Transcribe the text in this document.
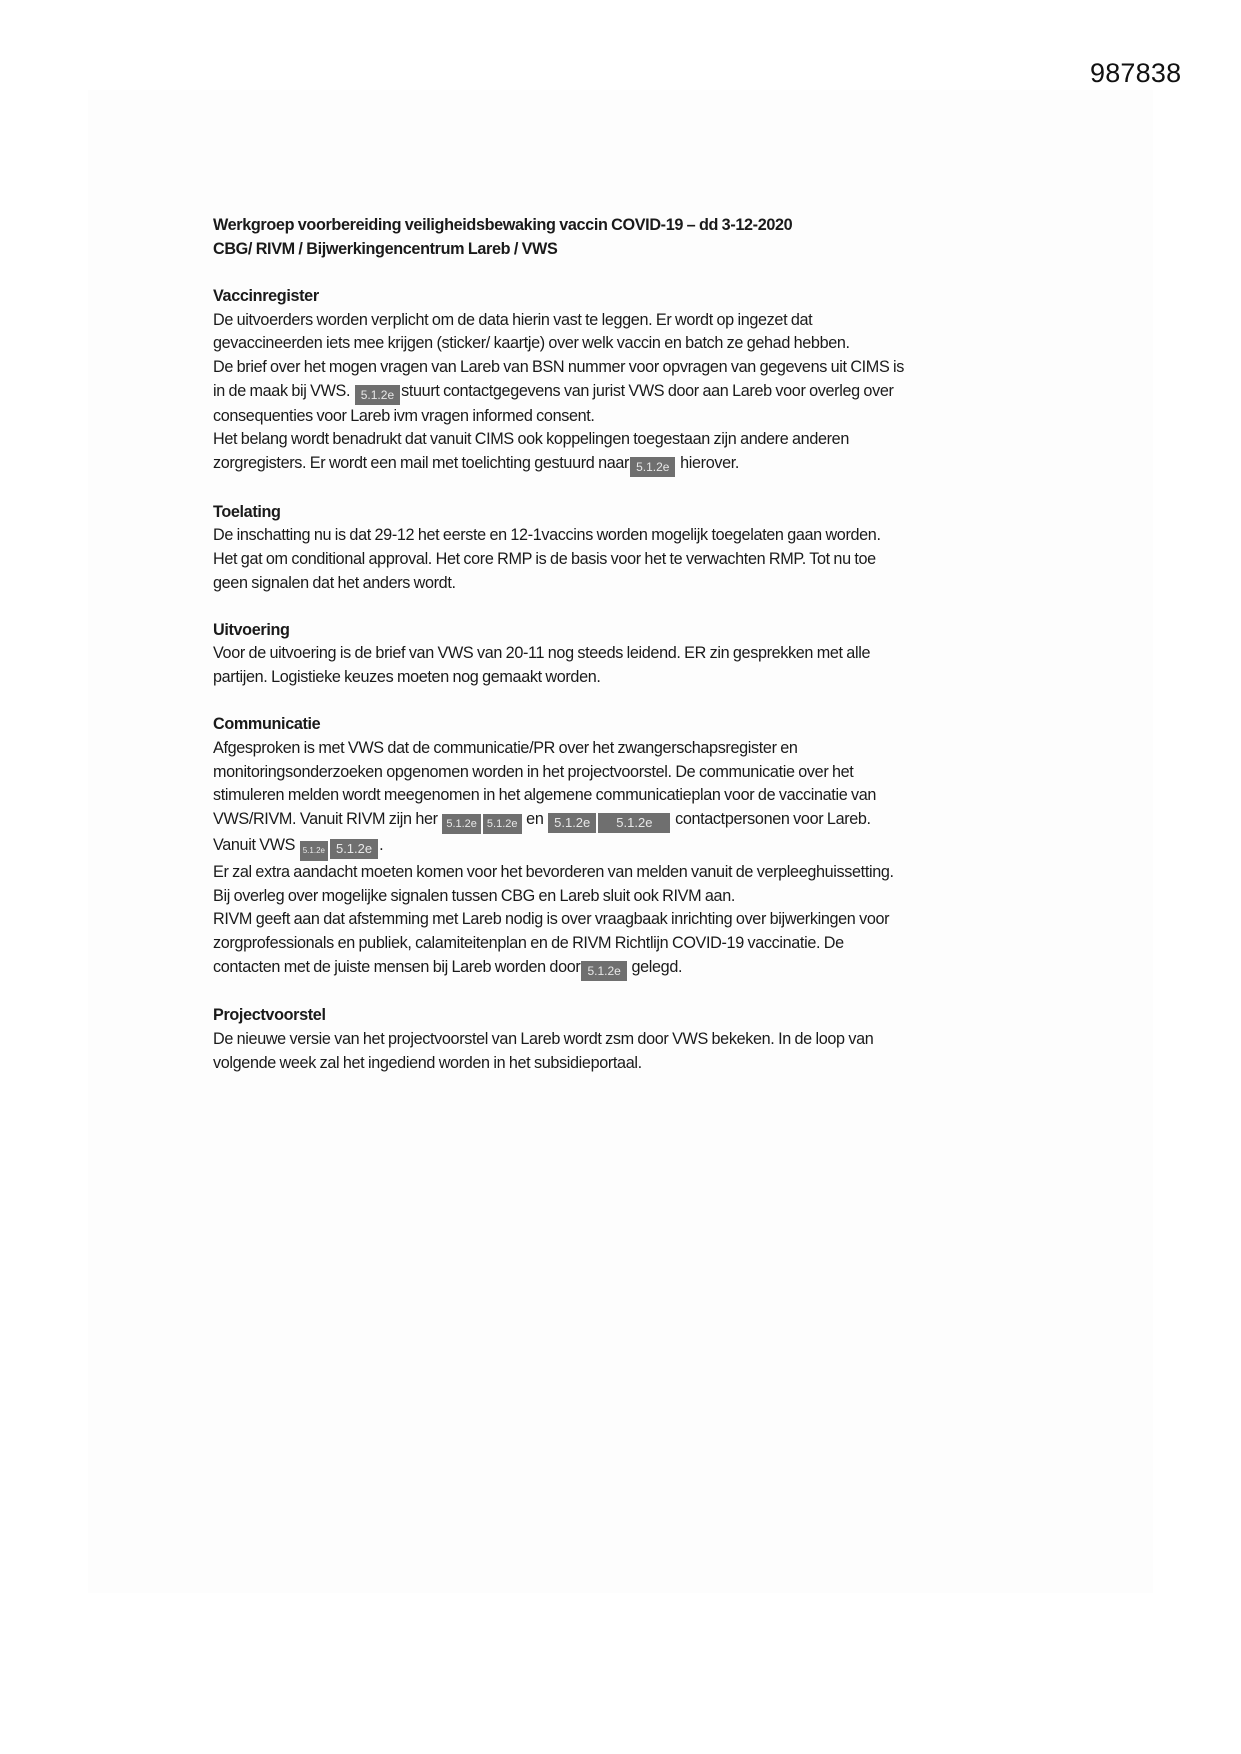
987838

Werkgroep voorbereiding veiligheidsbewaking vaccin COVID-19 – dd 3-12-2020

CBG/ RIVM / Bijwerkingencentrum Lareb / VWS

Vaccinregister

De uitvoerders worden verplicht om de data hierin vast te leggen. Er wordt op ingezet dat

gevaccineerden iets mee krijgen (sticker/ kaartje) over welk vaccin en batch ze gehad hebben.

De brief over het mogen vragen van Lareb van BSN nummer voor opvragen van gegevens uit CIMS is

in de maak bij VWS. 5.1.2e stuurt contactgegevens van jurist VWS door aan Lareb voor overleg over

consequenties voor Lareb ivm vragen informed consent.

Het belang wordt benadrukt dat vanuit CIMS ook koppelingen toegestaan zijn andere anderen

zorgregisters. Er wordt een mail met toelichting gestuurd naar 5.1.2e hierover.

Toelating

De inschatting nu is dat 29-12 het eerste en 12-1vaccins worden mogelijk toegelaten gaan worden.

Het gat om conditional approval. Het core RMP is de basis voor het te verwachten RMP. Tot nu toe

geen signalen dat het anders wordt.

Uitvoering

Voor de uitvoering is de brief van VWS van 20-11 nog steeds leidend. ER zin gesprekken met alle

partijen. Logistieke keuzes moeten nog gemaakt worden.

Communicatie

Afgesproken is met VWS dat de communicatie/PR over het zwangerschapsregister en

monitoringsonderzoeken opgenomen worden in het projectvoorstel. De communicatie over het

stimuleren melden wordt meegenomen in het algemene communicatieplan voor de vaccinatie van

VWS/RIVM. Vanuit RIVM zijn her 5.1.2e 5.1.2e en 5.1.2e 5.1.2e contactpersonen voor Lareb.

Vanuit VWS 5.1.2e 5.1.2e .

Er zal extra aandacht moeten komen voor het bevorderen van melden vanuit de verpleeghuissetting.

Bij overleg over mogelijke signalen tussen CBG en Lareb sluit ook RIVM aan.

RIVM geeft aan dat afstemming met Lareb nodig is over vraagbaak inrichting over bijwerkingen voor

zorgprofessionals en publiek, calamiteitenplan en de RIVM Richtlijn COVID-19 vaccinatie. De

contacten met de juiste mensen bij Lareb worden door 5.1.2e gelegd.

Projectvoorstel

De nieuwe versie van het projectvoorstel van Lareb wordt zsm door VWS bekeken. In de loop van

volgende week zal het ingediend worden in het subsidieportaal.
